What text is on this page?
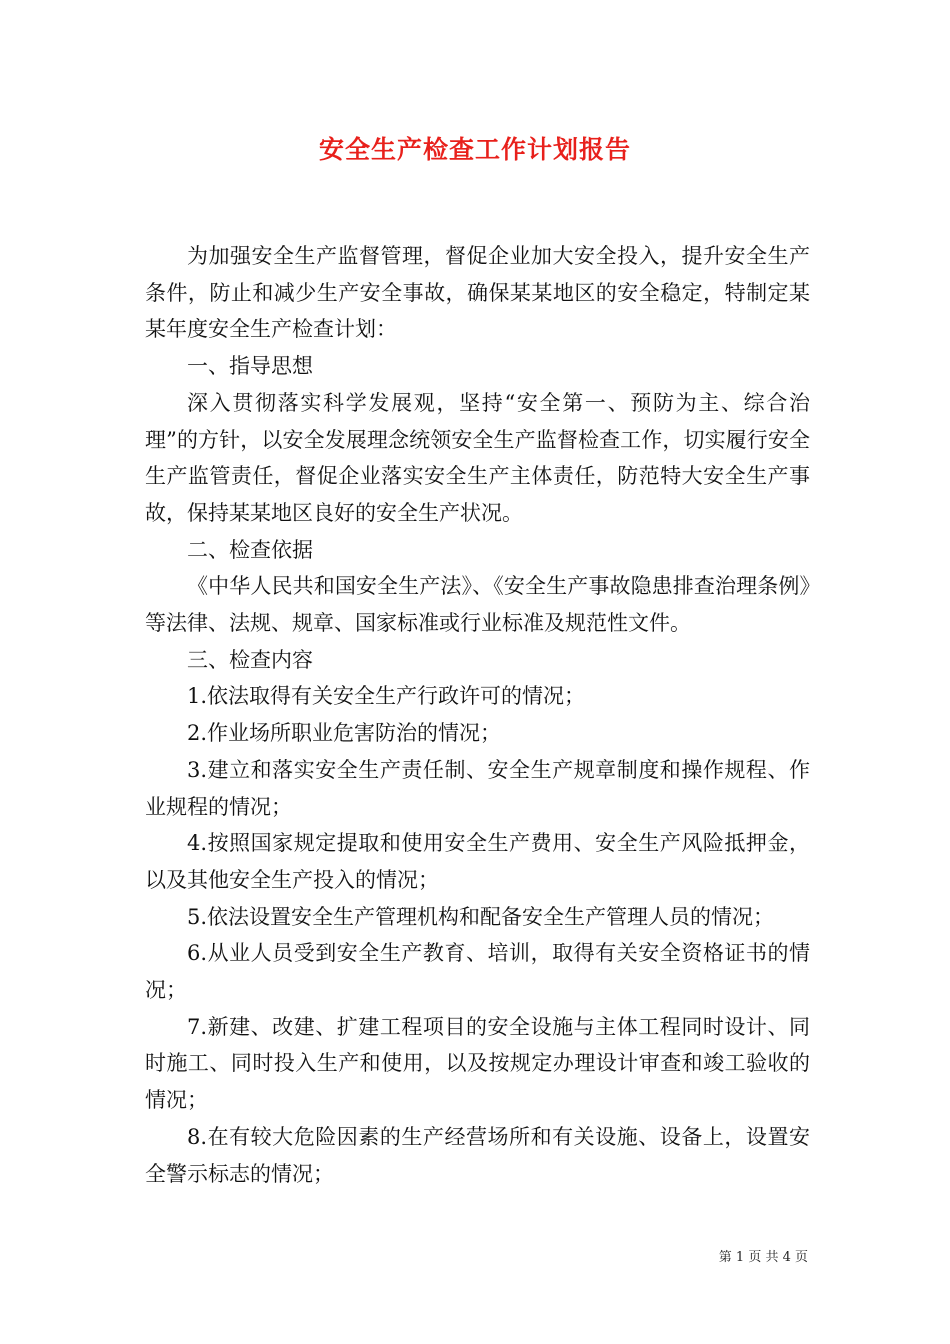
安全生产检查工作计划报告

为加强安全生产监督管理，督促企业加大安全投入，提升安全生产条件，防止和减少生产安全事故，确保某某地区的安全稳定，特制定某某年度安全生产检查计划：

一、指导思想

深入贯彻落实科学发展观，坚持“安全第一、预防为主、综合治理”的方针，以安全发展理念统领安全生产监督检查工作，切实履行安全生产监管责任，督促企业落实安全生产主体责任，防范特大安全生产事故，保持某某地区良好的安全生产状况。

二、检查依据

《中华人民共和国安全生产法》、《安全生产事故隐患排查治理条例》等法律、法规、规章、国家标准或行业标准及规范性文件。

三、检查内容

1.依法取得有关安全生产行政许可的情况；

2.作业场所职业危害防治的情况；

3.建立和落实安全生产责任制、安全生产规章制度和操作规程、作业规程的情况；

4.按照国家规定提取和使用安全生产费用、安全生产风险抵押金，以及其他安全生产投入的情况；

5.依法设置安全生产管理机构和配备安全生产管理人员的情况；

6.从业人员受到安全生产教育、培训，取得有关安全资格证书的情况；

7.新建、改建、扩建工程项目的安全设施与主体工程同时设计、同时施工、同时投入生产和使用，以及按规定办理设计审查和竣工验收的情况；

8.在有较大危险因素的生产经营场所和有关设施、设备上，设置安全警示标志的情况；

第 1 页 共 4 页
